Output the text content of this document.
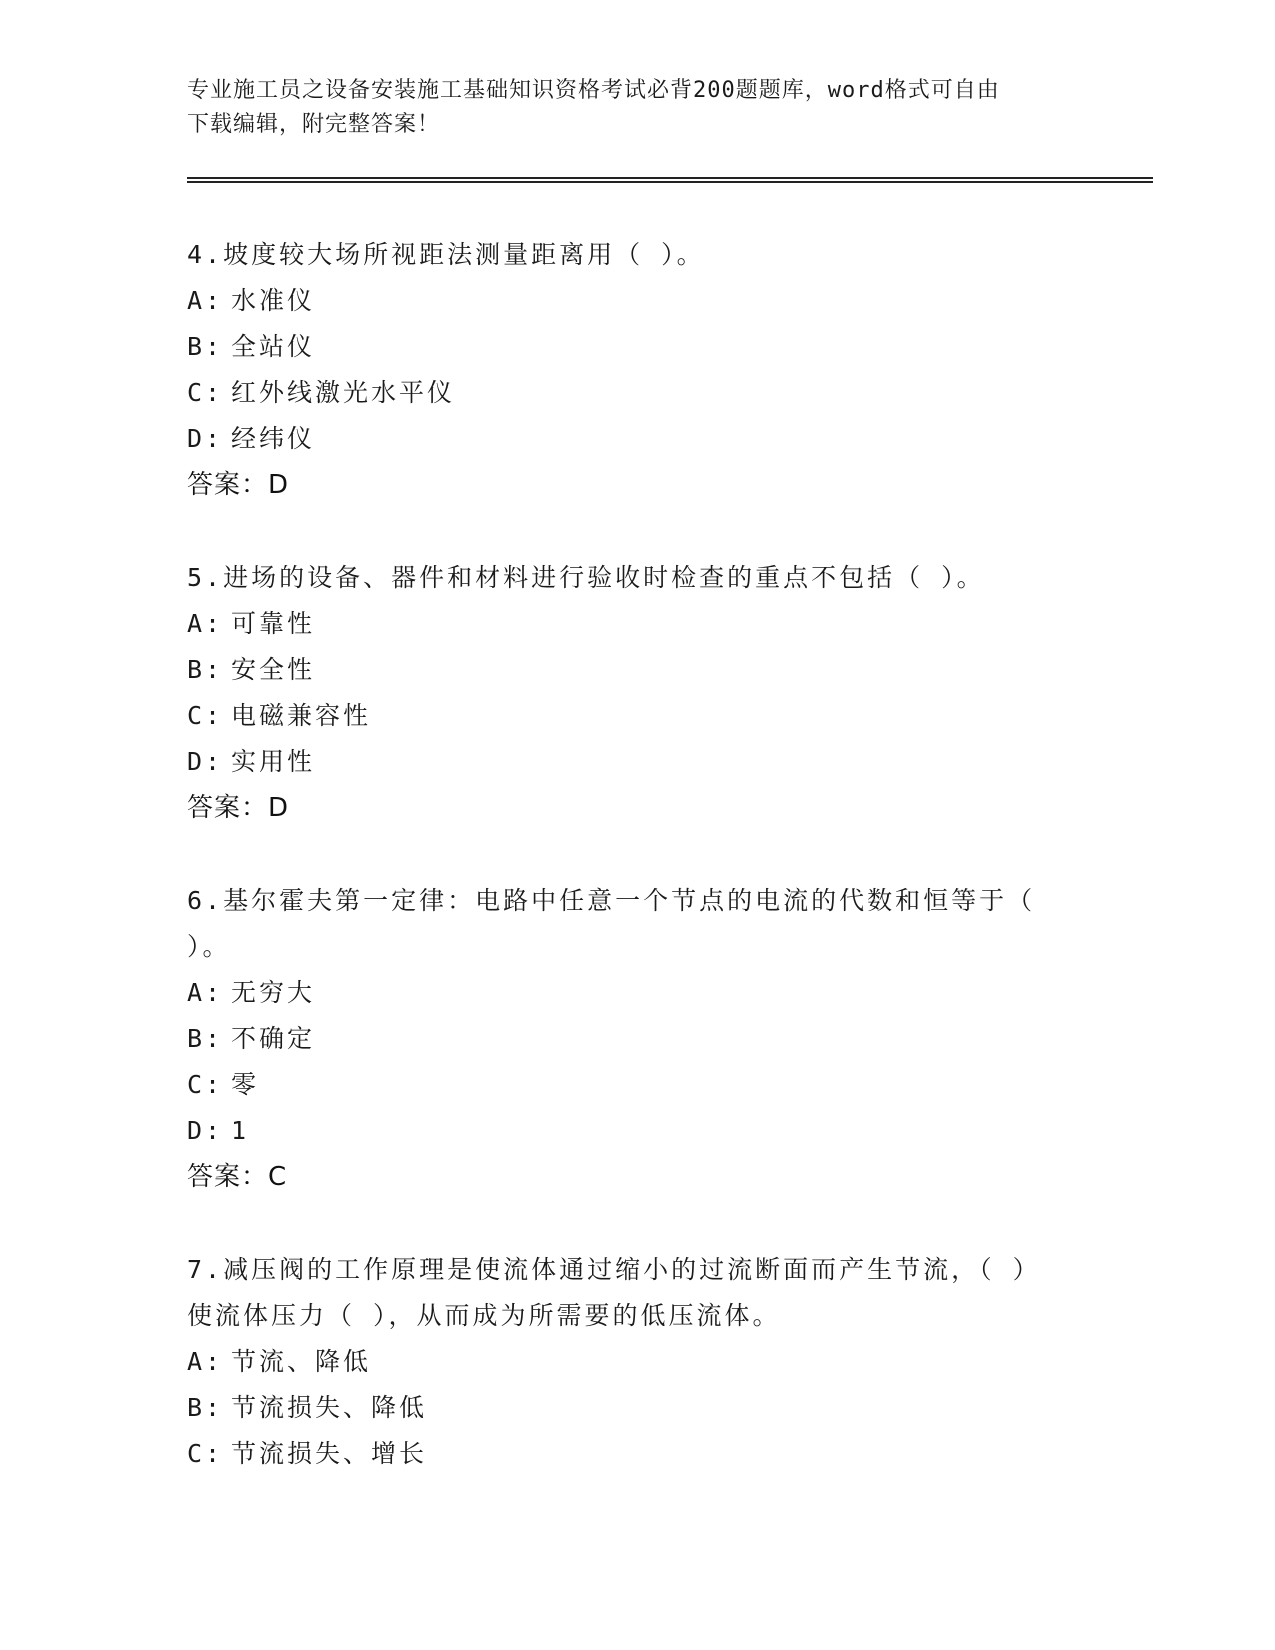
专业施工员之设备安装施工基础知识资格考试必背200题题库，word格式可自由
下载编辑，附完整答案！
4.坡度较大场所视距法测量距离用（ ）。
A: 水准仪
B: 全站仪
C: 红外线激光水平仪
D: 经纬仪
答案：D
5.进场的设备、器件和材料进行验收时检查的重点不包括（ ）。
A: 可靠性
B: 安全性
C: 电磁兼容性
D: 实用性
答案：D
6.基尔霍夫第一定律：电路中任意一个节点的电流的代数和恒等于（
）。
A: 无穷大
B: 不确定
C: 零
D: 1
答案：C
7.减压阀的工作原理是使流体通过缩小的过流断面而产生节流，（ ）
使流体压力（ ），从而成为所需要的低压流体。
A: 节流、降低
B: 节流损失、降低
C: 节流损失、增长
